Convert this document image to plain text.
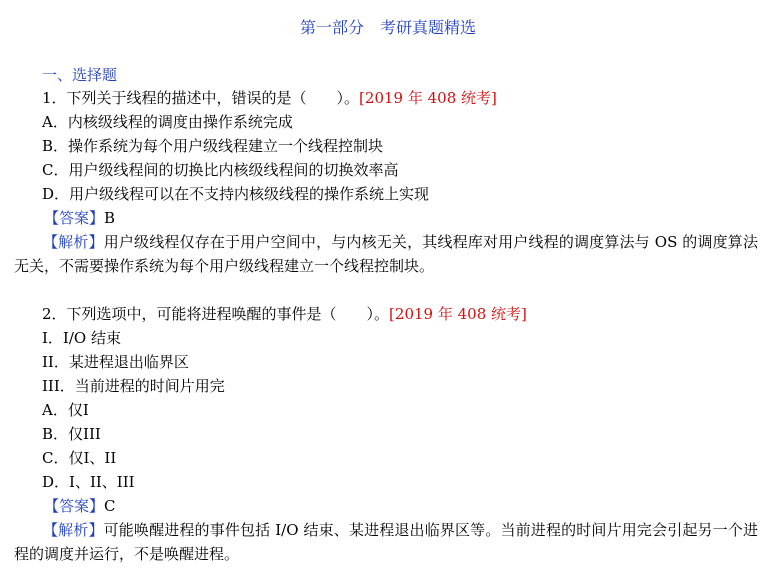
第一部分　考研真题精选
一、选择题
1．下列关于线程的描述中，错误的是（　　）。[2019 年 408 统考]
A．内核级线程的调度由操作系统完成
B．操作系统为每个用户级线程建立一个线程控制块
C．用户级线程间的切换比内核级线程间的切换效率高
D．用户级线程可以在不支持内核级线程的操作系统上实现
【答案】B
【解析】用户级线程仅存在于用户空间中，与内核无关，其线程库对用户线程的调度算法与 OS 的调度算法无关，不需要操作系统为每个用户级线程建立一个线程控制块。
2．下列选项中，可能将进程唤醒的事件是（　　）。[2019 年 408 统考]
I．I/O 结束
II．某进程退出临界区
III．当前进程的时间片用完
A．仅I
B．仅III
C．仅I、II
D．I、II、III
【答案】C
【解析】可能唤醒进程的事件包括 I/O 结束、某进程退出临界区等。当前进程的时间片用完会引起另一个进程的调度并运行，不是唤醒进程。
